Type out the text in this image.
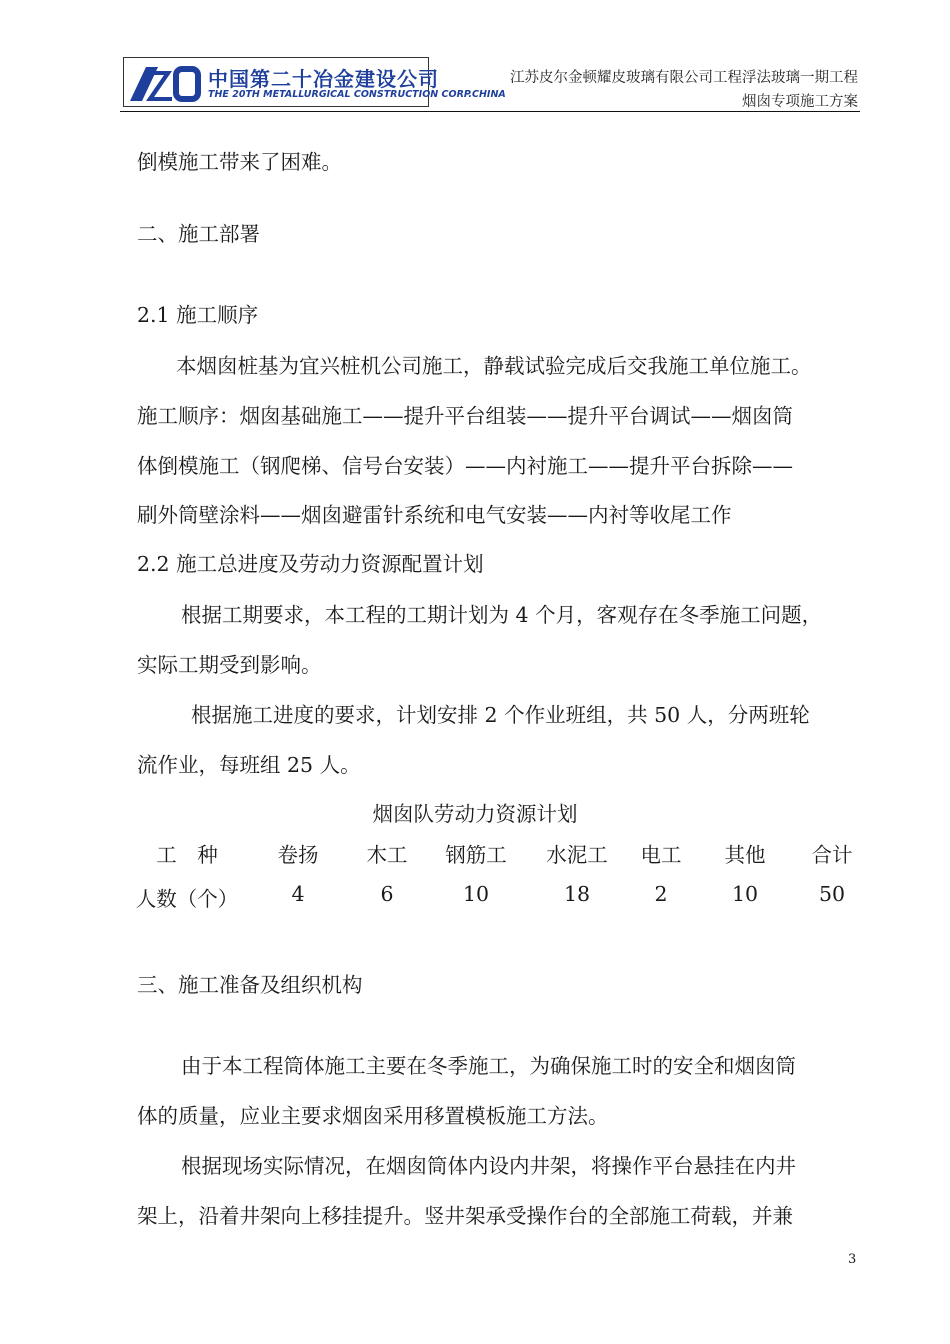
中国第二十冶金建设公司
THE 20TH METALLURGICAL CONSTRUCTION CORP.CHINA
江苏皮尔金顿耀皮玻璃有限公司工程浮法玻璃一期工程
烟囱专项施工方案
倒模施工带来了困难。
二、施工部署
2.1 施工顺序
本烟囱桩基为宜兴桩机公司施工，静载试验完成后交我施工单位施工。
施工顺序：烟囱基础施工——提升平台组装——提升平台调试——烟囱筒
体倒模施工（钢爬梯、信号台安装）——内衬施工——提升平台拆除——
刷外筒壁涂料——烟囱避雷针系统和电气安装——内衬等收尾工作
2.2 施工总进度及劳动力资源配置计划
根据工期要求，本工程的工期计划为 4 个月，客观存在冬季施工问题，
实际工期受到影响。
根据施工进度的要求，计划安排 2 个作业班组，共 50 人，分两班轮
流作业，每班组 25 人。
烟囱队劳动力资源计划
工　种	卷扬 木工 钢筋工 水泥工 电工 其他 合计
人数（个）	4	6	10	18	2	10	50
三、施工准备及组织机构
由于本工程筒体施工主要在冬季施工，为确保施工时的安全和烟囱筒
体的质量，应业主要求烟囱采用移置模板施工方法。
根据现场实际情况，在烟囱筒体内设内井架，将操作平台悬挂在内井
架上，沿着井架向上移挂提升。竖井架承受操作台的全部施工荷载，并兼
3
